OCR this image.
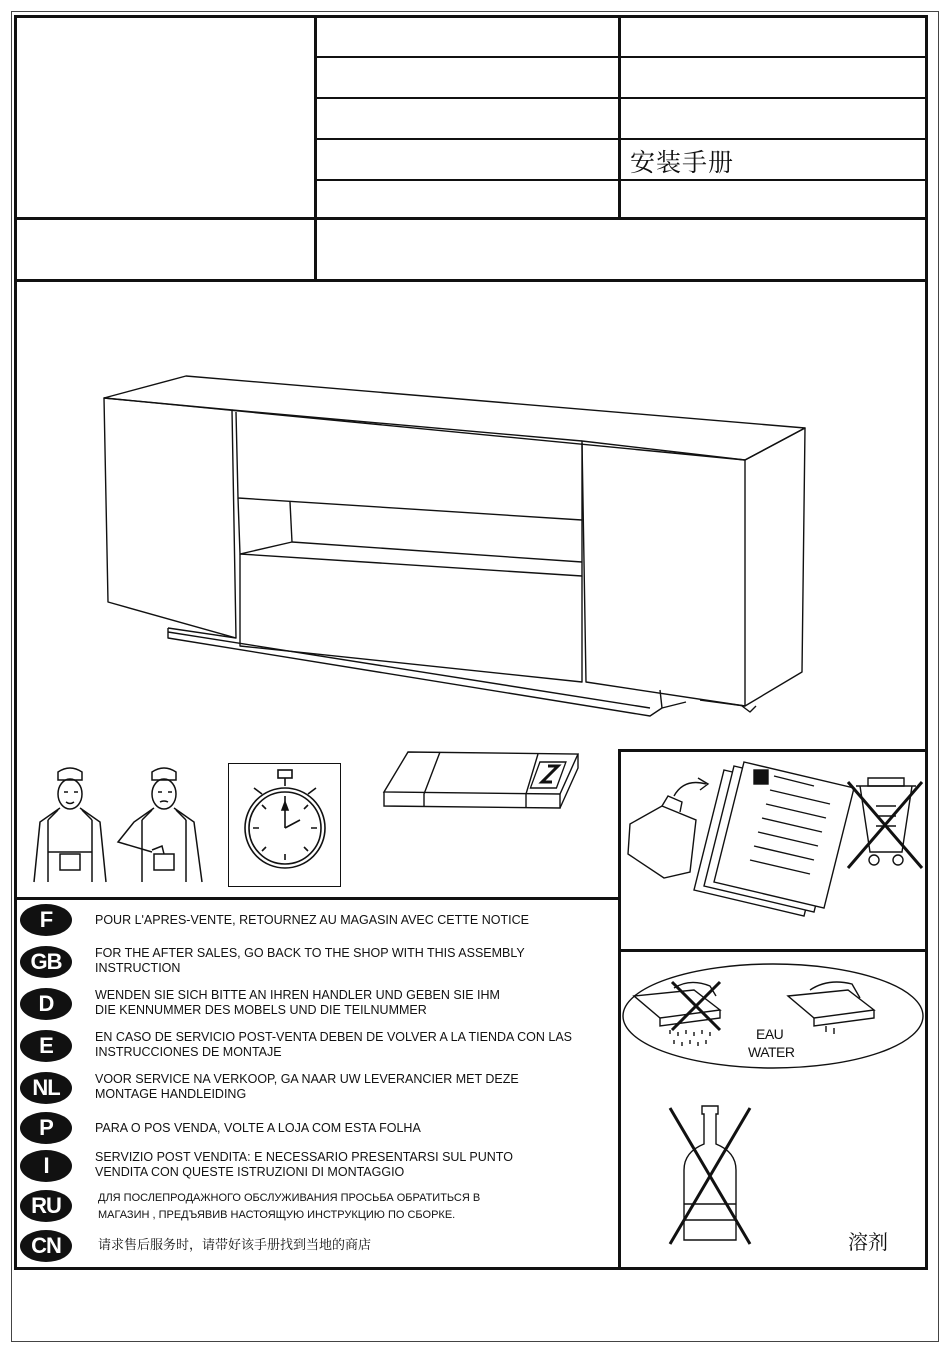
安装手册
EAU
WATER
溶剂
F	POUR L'APRES-VENTE, RETOURNEZ AU MAGASIN AVEC CETTE NOTICE
GB	FOR THE AFTER SALES, GO BACK TO THE SHOP WITH THIS ASSEMBLY INSTRUCTION
D	WENDEN SIE SICH BITTE AN IHREN HANDLER UND GEBEN SIE IHM DIE KENNUMMER DES MOBELS UND DIE TEILNUMMER
E	EN CASO DE SERVICIO POST-VENTA DEBEN DE VOLVER A LA TIENDA CON LAS INSTRUCCIONES DE MONTAJE
NL	VOOR SERVICE NA VERKOOP, GA NAAR UW LEVERANCIER MET DEZE MONTAGE HANDLEIDING
P	PARA O POS VENDA, VOLTE A LOJA COM ESTA FOLHA
I	SERVIZIO POST VENDITA: E NECESSARIO PRESENTARSI SUL PUNTO VENDITA CON QUESTE ISTRUZIONI DI MONTAGGIO
RU	ДЛЯ ПОСЛЕПРОДАЖНОГО ОБСЛУЖИВАНИЯ ПРОСЬБА ОБРАТИТЬСЯ В МАГАЗИН , ПРЕДЪЯВИВ НАСТОЯЩУЮ ИНСТРУКЦИЮ ПО СБОРКЕ.
CN	请求售后服务时，请带好该手册找到当地的商店
